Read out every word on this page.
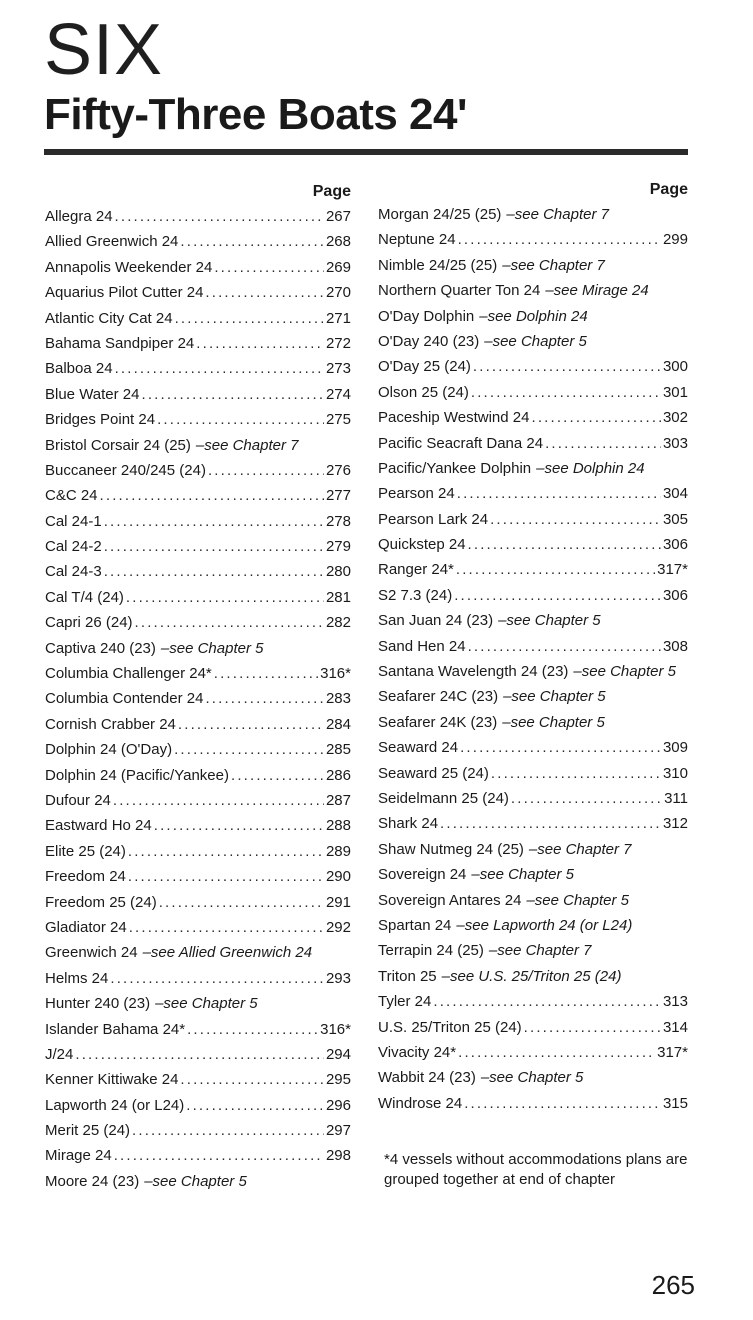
SIX
Fifty-Three Boats 24'
Page
Allegra 24 . . .	267
Allied Greenwich 24 . . .	268
Annapolis Weekender 24 . . .	269
Aquarius Pilot Cutter 24 . . .	270
Atlantic City Cat 24 . . .	271
Bahama Sandpiper 24 . . .	272
Balboa 24 . . .	273
Blue Water 24 . . .	274
Bridges Point 24 . . .	275
Bristol Corsair 24 (25) –see Chapter 7
Buccaneer 240/245 (24) . . .	276
C&C 24 . . .	277
Cal 24-1 . . .	278
Cal 24-2 . . .	279
Cal 24-3 . . .	280
Cal T/4 (24) . . .	281
Capri 26 (24) . . .	282
Captiva 240 (23) –see Chapter 5
Columbia Challenger 24* . . .	316*
Columbia Contender 24 . . .	283
Cornish Crabber 24 . . .	284
Dolphin 24 (O'Day) . . .	285
Dolphin 24 (Pacific/Yankee) . . .	286
Dufour 24 . . .	287
Eastward Ho 24 . . .	288
Elite 25 (24) . . .	289
Freedom 24 . . .	290
Freedom 25 (24) . . .	291
Gladiator 24 . . .	292
Greenwich 24 –see Allied Greenwich 24
Helms 24 . . .	293
Hunter 240 (23) –see Chapter 5
Islander Bahama 24* . . .	316*
J/24 . . .	294
Kenner Kittiwake 24 . . .	295
Lapworth 24 (or L24) . . .	296
Merit 25 (24) . . .	297
Mirage 24 . . .	298
Moore 24 (23) –see Chapter 5
Page
Morgan 24/25 (25) –see Chapter 7
Neptune 24 . . .	299
Nimble 24/25 (25) –see Chapter 7
Northern Quarter Ton 24 –see Mirage 24
O'Day Dolphin –see Dolphin 24
O'Day 240 (23) –see Chapter 5
O'Day 25 (24) . . .	300
Olson 25 (24) . . .	301
Paceship Westwind 24 . . .	302
Pacific Seacraft Dana 24 . . .	303
Pacific/Yankee Dolphin –see Dolphin 24
Pearson 24 . . .	304
Pearson Lark 24 . . .	305
Quickstep 24 . . .	306
Ranger 24* . . .	317*
S2 7.3 (24) . . .	306
San Juan 24 (23) –see Chapter 5
Sand Hen 24 . . .	308
Santana Wavelength 24 (23) –see Chapter 5
Seafarer 24C (23) –see Chapter 5
Seafarer 24K (23) –see Chapter 5
Seaward 24 . . .	309
Seaward 25 (24) . . .	310
Seidelmann 25 (24) . . .	311
Shark 24 . . .	312
Shaw Nutmeg 24 (25) –see Chapter 7
Sovereign 24 –see Chapter 5
Sovereign Antares 24 –see Chapter 5
Spartan 24 –see Lapworth 24 (or L24)
Terrapin 24 (25) –see Chapter 7
Triton 25 –see U.S. 25/Triton 25 (24)
Tyler 24 . . .	313
U.S. 25/Triton 25 (24) . . .	314
Vivacity 24* . . .	317*
Wabbit 24 (23) –see Chapter 5
Windrose 24 . . .	315

*4 vessels without accommodations plans are grouped together at end of chapter

265
